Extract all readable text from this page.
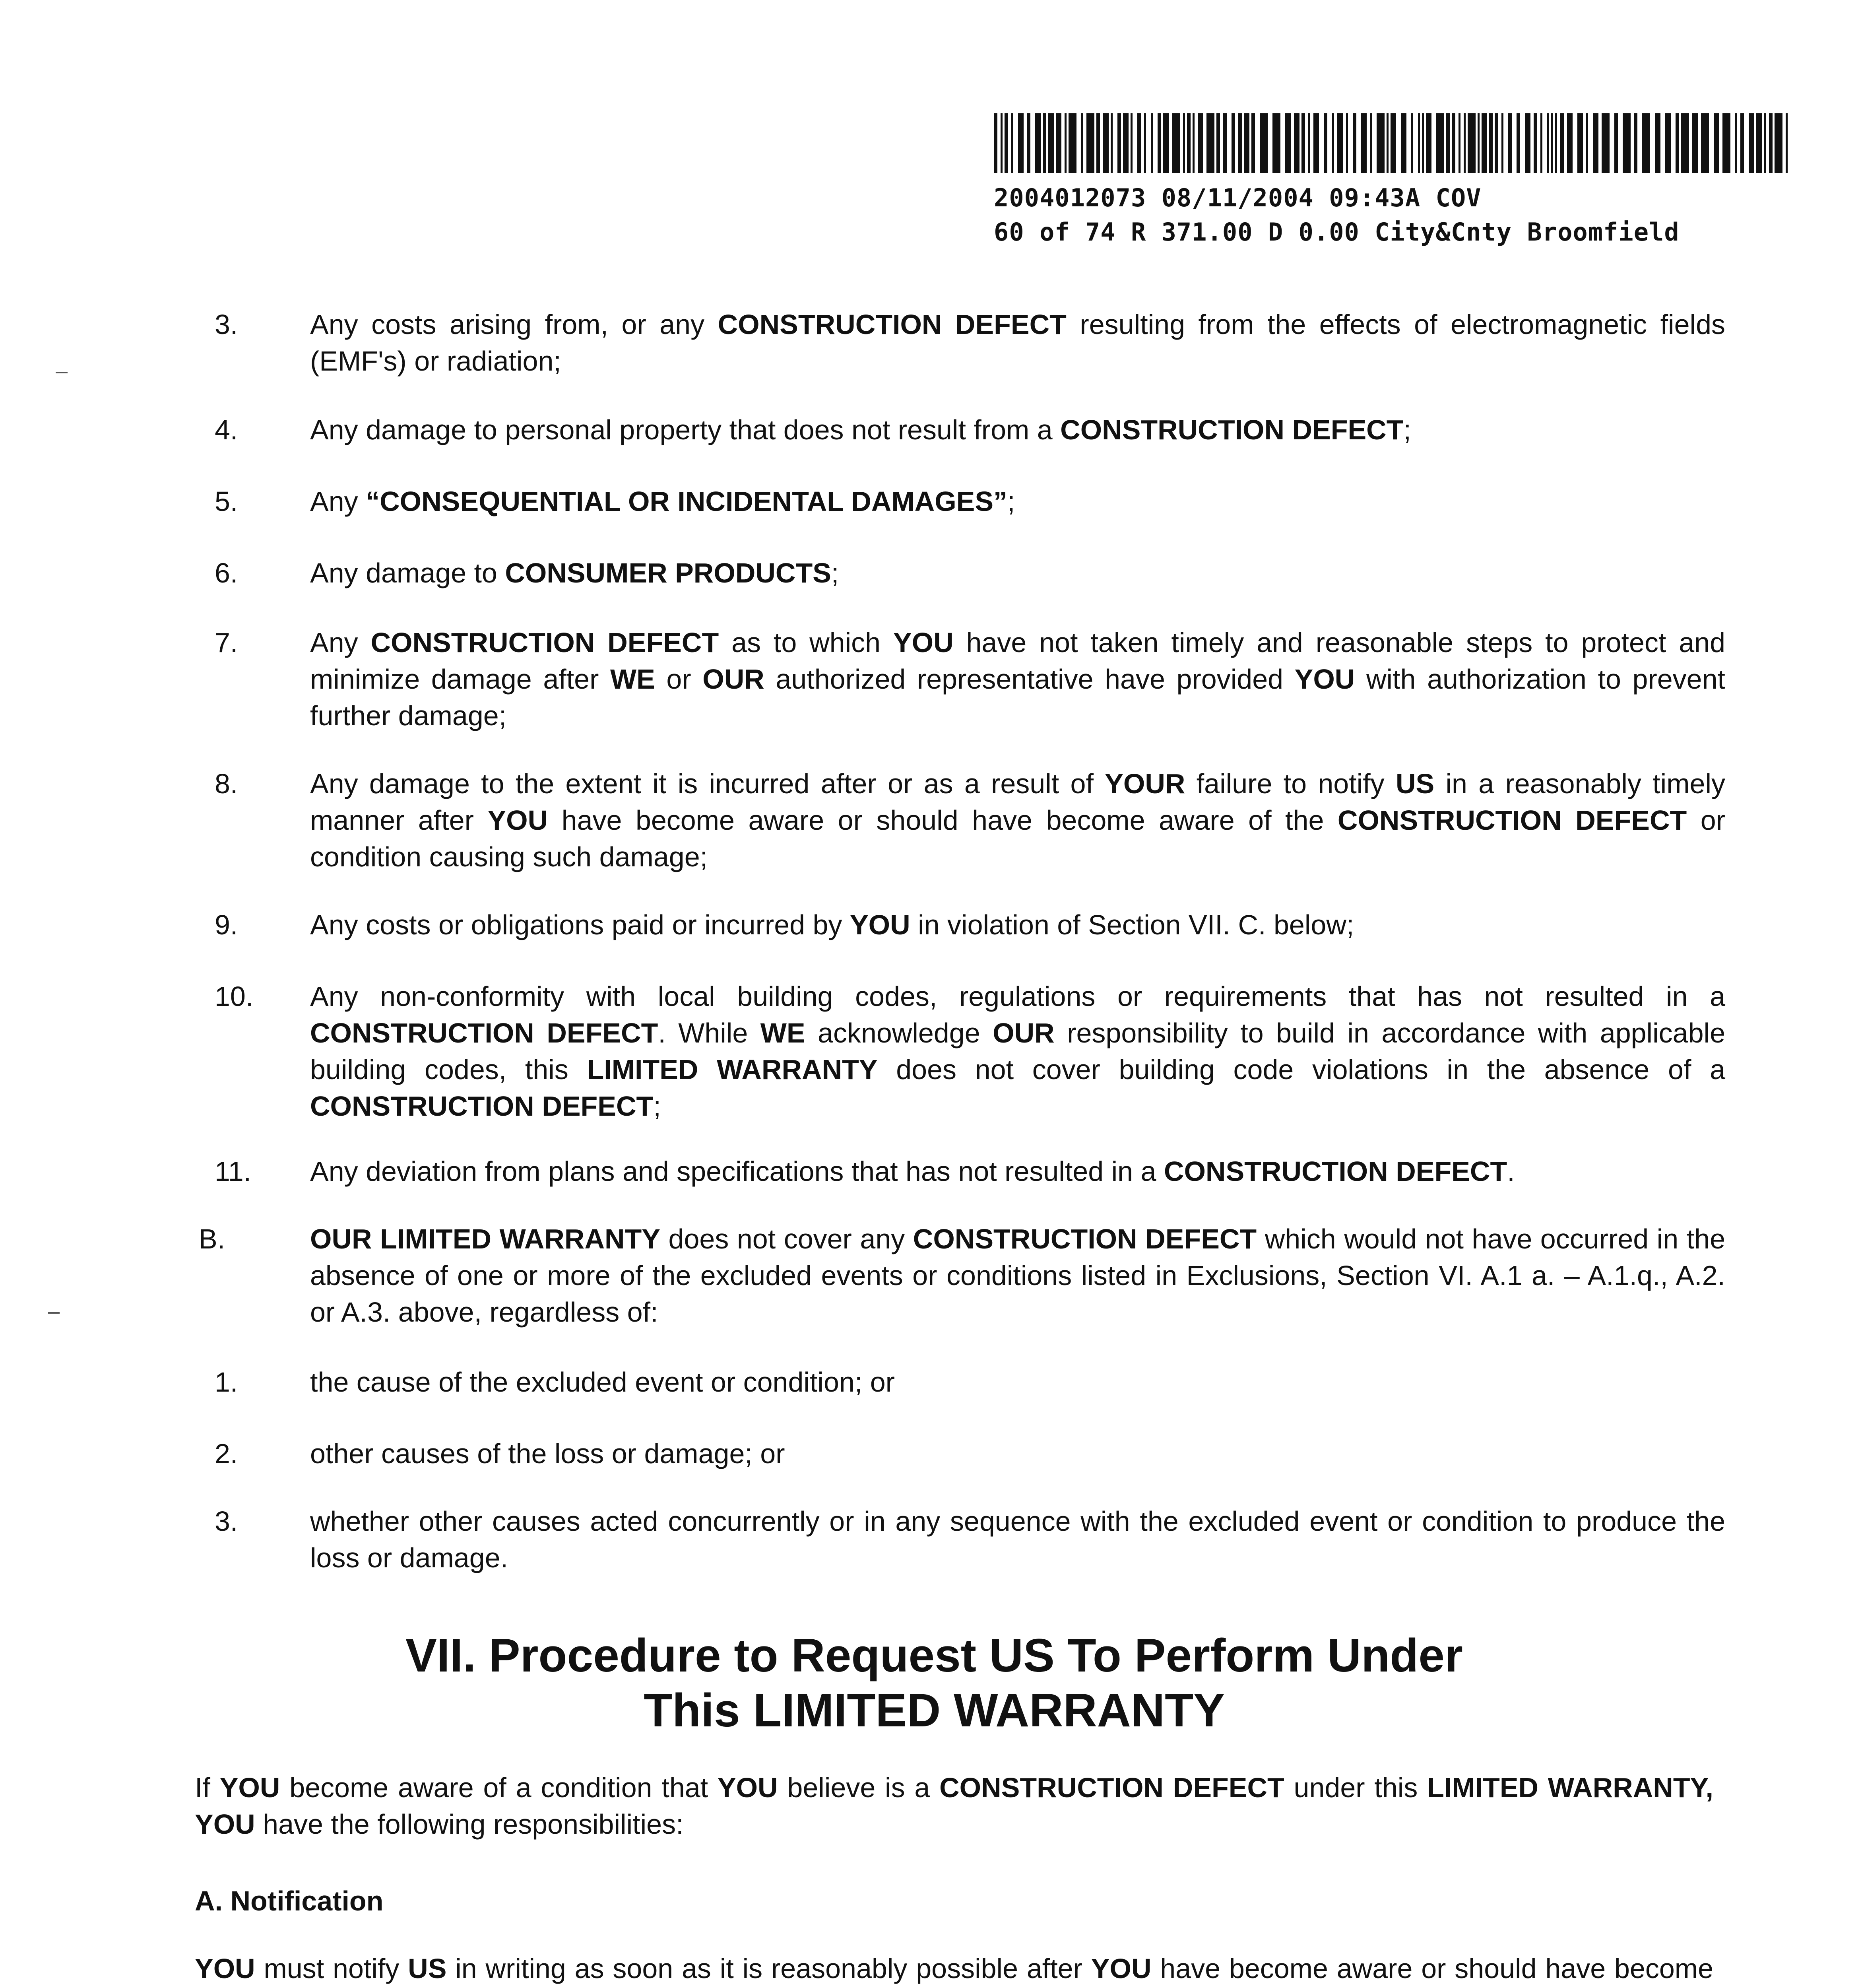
2004012073 08/11/2004 09:43A COV
60 of 74 R 371.00 D 0.00 City&Cnty Broomfield
3.	Any costs arising from, or any CONSTRUCTION DEFECT resulting from the effects of electromagnetic fields (EMF's) or radiation;
4.	Any damage to personal property that does not result from a CONSTRUCTION DEFECT;
5.	Any “CONSEQUENTIAL OR INCIDENTAL DAMAGES”;
6.	Any damage to CONSUMER PRODUCTS;
7.	Any CONSTRUCTION DEFECT as to which YOU have not taken timely and reasonable steps to protect and minimize damage after WE or OUR authorized representative have provided YOU with authorization to prevent further damage;
8.	Any damage to the extent it is incurred after or as a result of YOUR failure to notify US in a reasonably timely manner after YOU have become aware or should have become aware of the CONSTRUCTION DEFECT or condition causing such damage;
9.	Any costs or obligations paid or incurred by YOU in violation of Section VII. C. below;
10.	Any non-conformity with local building codes, regulations or requirements that has not resulted in a CONSTRUCTION DEFECT. While WE acknowledge OUR responsibility to build in accordance with applicable building codes, this LIMITED WARRANTY does not cover building code violations in the absence of a CONSTRUCTION DEFECT;
11.	Any deviation from plans and specifications that has not resulted in a CONSTRUCTION DEFECT.
B.	OUR LIMITED WARRANTY does not cover any CONSTRUCTION DEFECT which would not have occurred in the absence of one or more of the excluded events or conditions listed in Exclusions, Section VI. A.1 a. – A.1.q., A.2. or A.3. above, regardless of:
1.	the cause of the excluded event or condition; or
2.	other causes of the loss or damage; or
3.	whether other causes acted concurrently or in any sequence with the excluded event or condition to produce the loss or damage.
VII. Procedure to Request US To Perform Under
This LIMITED WARRANTY
If YOU become aware of a condition that YOU believe is a CONSTRUCTION DEFECT under this LIMITED WARRANTY, YOU have the following responsibilities:
A. Notification
YOU must notify US in writing as soon as it is reasonably possible after YOU have become aware or should have become
